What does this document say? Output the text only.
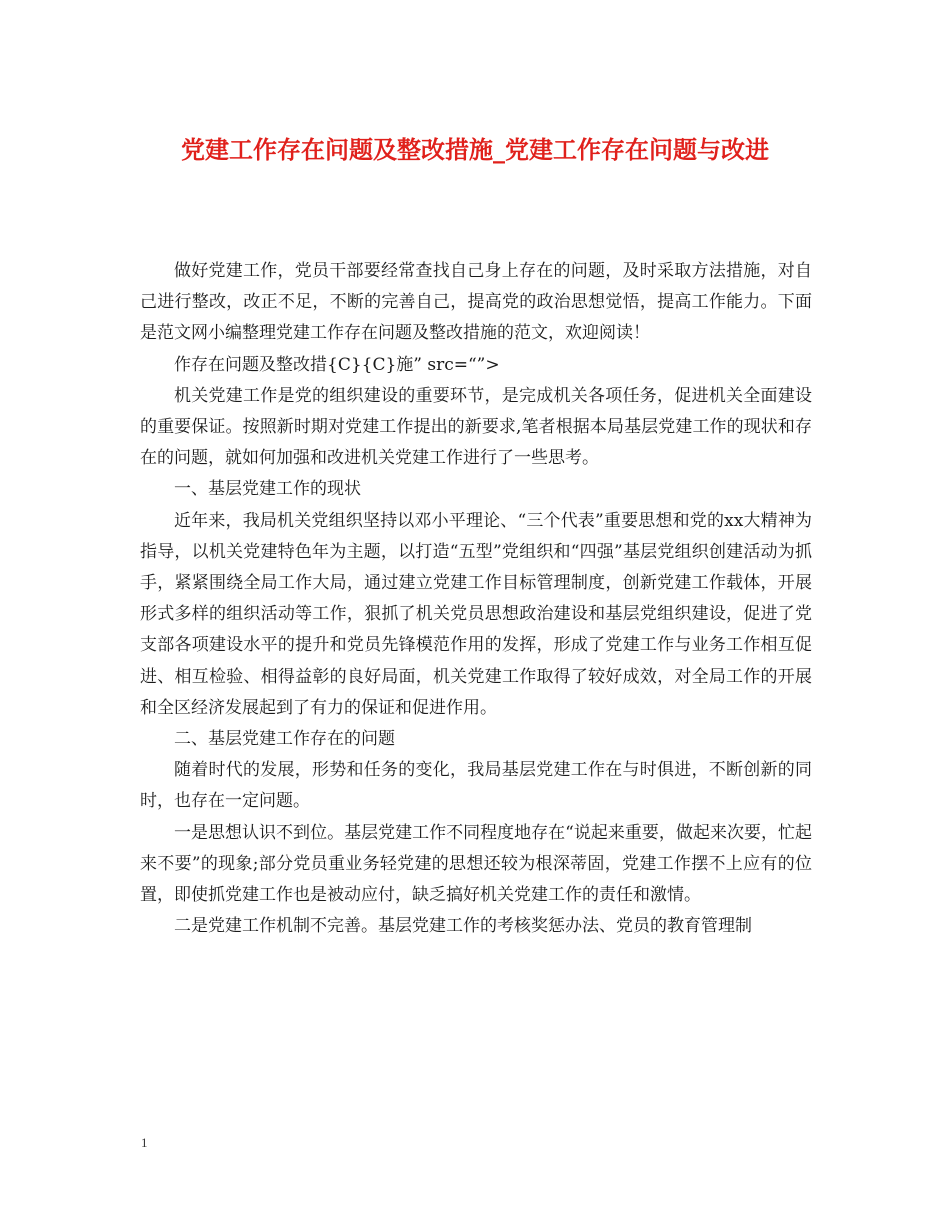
党建工作存在问题及整改措施_党建工作存在问题与改进

做好党建工作，党员干部要经常查找自己身上存在的问题，及时采取方法措施，对自己进行整改，改正不足，不断的完善自己，提高党的政治思想觉悟，提高工作能力。下面是范文网小编整理党建工作存在问题及整改措施的范文，欢迎阅读！

作存在问题及整改措{C}{C}施” src=“”>

机关党建工作是党的组织建设的重要环节，是完成机关各项任务，促进机关全面建设的重要保证。按照新时期对党建工作提出的新要求,笔者根据本局基层党建工作的现状和存在的问题，就如何加强和改进机关党建工作进行了一些思考。

一、基层党建工作的现状

近年来，我局机关党组织坚持以邓小平理论、“三个代表”重要思想和党的xx大精神为指导，以机关党建特色年为主题，以打造“五型”党组织和“四强”基层党组织创建活动为抓手，紧紧围绕全局工作大局，通过建立党建工作目标管理制度，创新党建工作载体，开展形式多样的组织活动等工作，狠抓了机关党员思想政治建设和基层党组织建设，促进了党支部各项建设水平的提升和党员先锋模范作用的发挥，形成了党建工作与业务工作相互促进、相互检验、相得益彰的良好局面，机关党建工作取得了较好成效，对全局工作的开展和全区经济发展起到了有力的保证和促进作用。

二、基层党建工作存在的问题

随着时代的发展，形势和任务的变化，我局基层党建工作在与时俱进，不断创新的同时，也存在一定问题。

一是思想认识不到位。基层党建工作不同程度地存在“说起来重要，做起来次要，忙起来不要”的现象;部分党员重业务轻党建的思想还较为根深蒂固，党建工作摆不上应有的位置，即使抓党建工作也是被动应付，缺乏搞好机关党建工作的责任和激情。

二是党建工作机制不完善。基层党建工作的考核奖惩办法、党员的教育管理制

1
